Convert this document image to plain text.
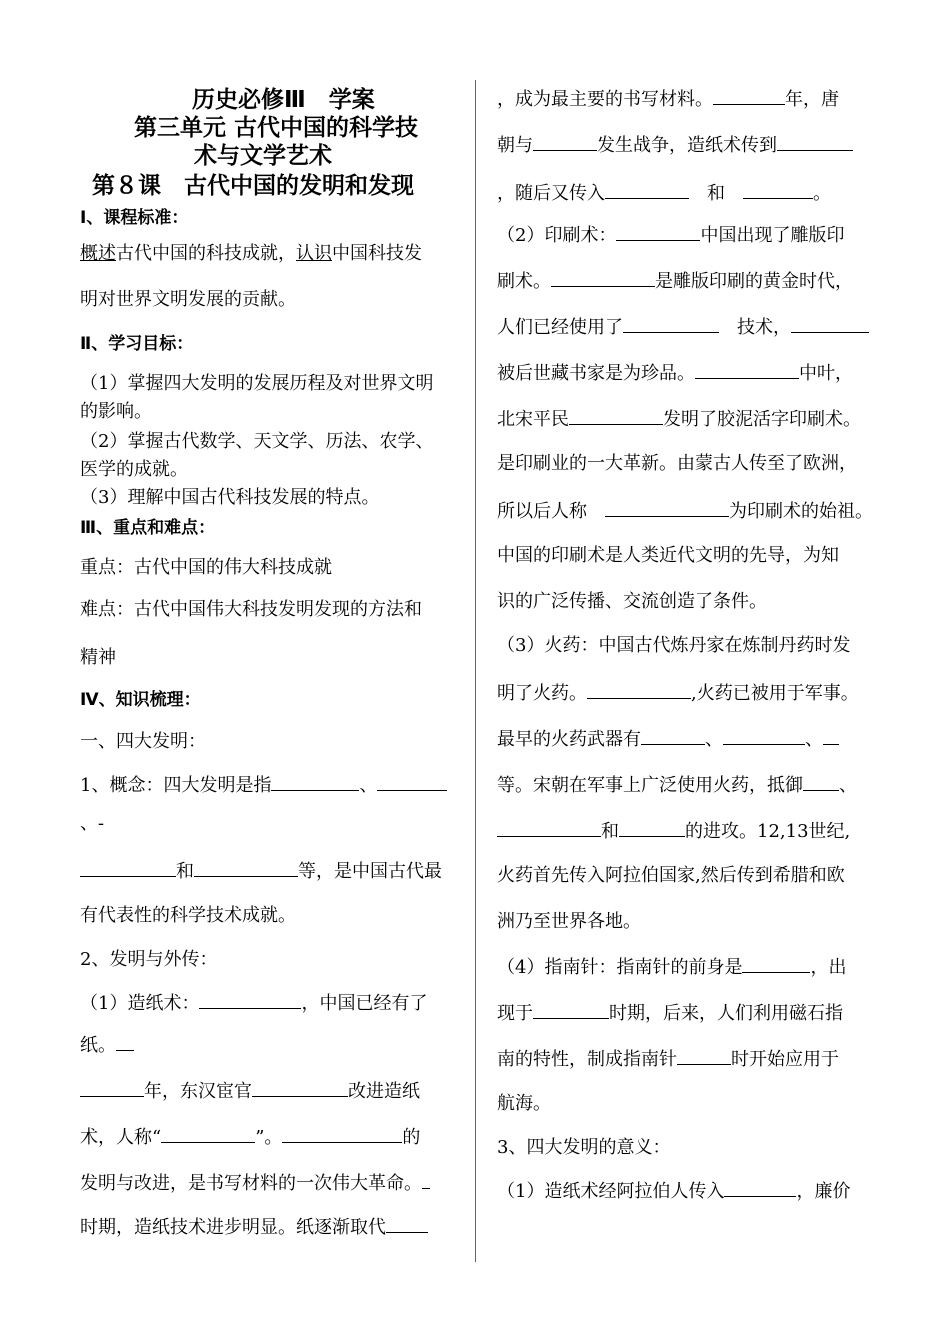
历史必修Ⅲ　学案
第三单元 古代中国的科学技
术与文学艺术
第８课　古代中国的发明和发现
Ⅰ、课程标准：
概述古代中国的科技成就，认识中国科技发
明对世界文明发展的贡献。
Ⅱ、学习目标：
（1）掌握四大发明的发展历程及对世界文明
的影响。
（2）掌握古代数学、天文学、历法、农学、
医学的成就。
（3）理解中国古代科技发展的特点。
Ⅲ、重点和难点：
重点：古代中国的伟大科技成就
难点：古代中国伟大科技发明发现的方法和
精神
Ⅳ、知识梳理：
一、四大发明：
1、概念：四大发明是指	、
、-
和	等，是中国古代最
有代表性的科学技术成就。
2、发明与外传：
（1）造纸术：	，中国已经有了
纸。
年，东汉宦官	改进造纸
术，人称“	”。	的
发明与改进，是书写材料的一次伟大革命。
时期，造纸技术进步明显。纸逐渐取代
，成为最主要的书写材料。	年，唐
朝与	发生战争，造纸术传到
，随后又传入　	和　	。
（2）印刷术：	中国出现了雕版印
刷术。	是雕版印刷的黄金时代，
人们已经使用了　	技术，
被后世藏书家是为珍品。	中叶，
北宋平民	发明了胶泥活字印刷术。
是印刷业的一大革新。由蒙古人传至了欧洲，
所以后人称　	为印刷术的始祖。
中国的印刷术是人类近代文明的先导，为知
识的广泛传播、交流创造了条件。
（3）火药：中国古代炼丹家在炼制丹药时发
明了火药。	,火药已被用于军事。
最早的火药武器有	、	、
等。宋朝在军事上广泛使用火药，抵御 、
和	的进攻。12,13世纪,
火药首先传入阿拉伯国家,然后传到希腊和欧
洲乃至世界各地。
（4）指南针：指南针的前身是	，出
现于	时期，后来，人们利用磁石指
南的特性，制成指南针	时开始应用于
航海。
3、四大发明的意义：
（1）造纸术经阿拉伯人传入	，廉价
